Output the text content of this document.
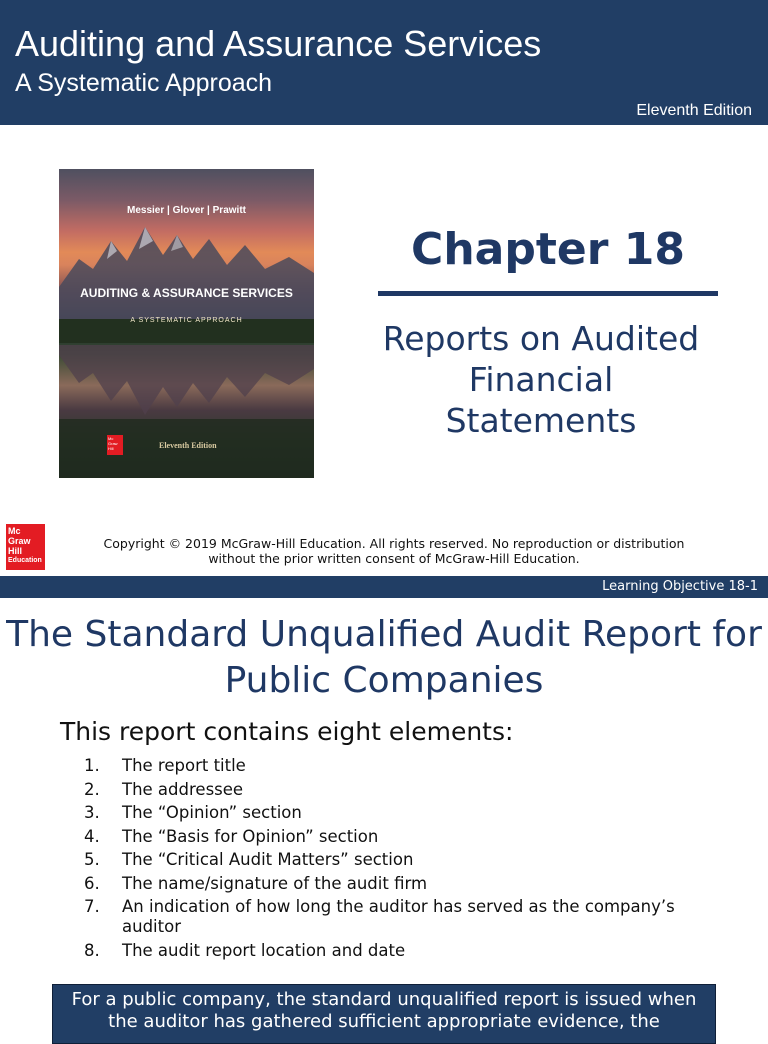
Auditing and Assurance Services
A Systematic Approach
Eleventh Edition
Messier | Glover | Prawitt
AUDITING & ASSURANCE SERVICES
A SYSTEMATIC APPROACH
Mc Graw Hill	Eleventh Edition
Chapter 18
Reports on Audited Financial Statements
Mc
Graw
Hill
Education
Copyright © 2019 McGraw-Hill Education. All rights reserved. No reproduction or distribution
without the prior written consent of McGraw-Hill Education.
Learning Objective 18-1
The Standard Unqualified Audit Report for Public Companies
This report contains eight elements:
1. The report title
2. The addressee
3. The “Opinion” section
4. The “Basis for Opinion” section
5. The “Critical Audit Matters” section
6. The name/signature of the audit firm
7. An indication of how long the auditor has served as the company’s auditor
8. The audit report location and date
For a public company, the standard unqualified report is issued when the auditor has gathered sufficient appropriate evidence, the
